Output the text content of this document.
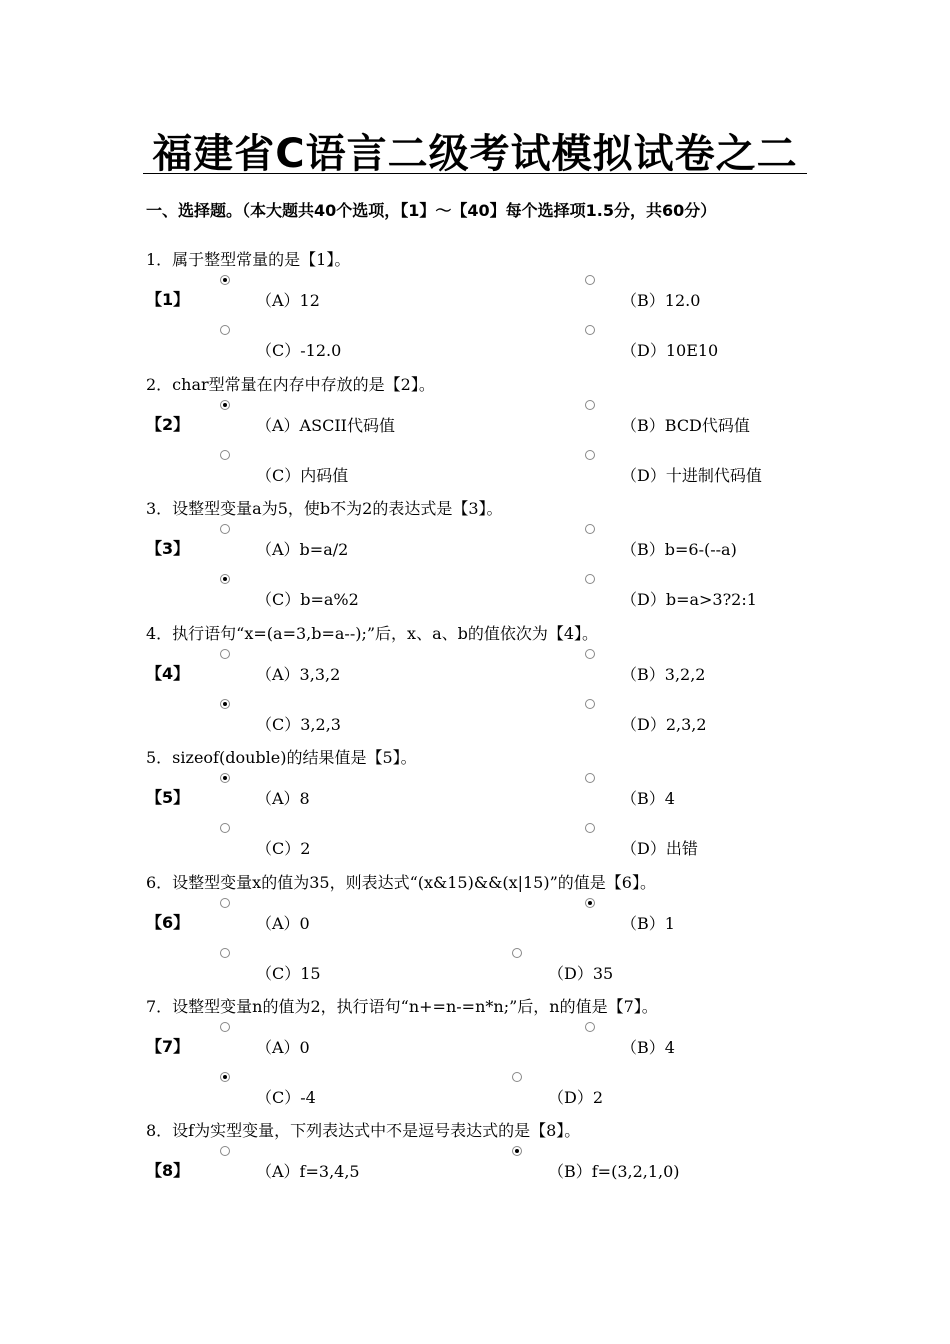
福建省C语言二级考试模拟试卷之二
一、选择题。（本大题共40个选项，【1】～【40】每个选择项1.5分，共60分）
1．属于整型常量的是【1】。
【1】	（A）12	（B）12.0
（C）-12.0	（D）10E10
2．char型常量在内存中存放的是【2】。
【2】	（A）ASCII代码值	（B）BCD代码值
（C）内码值	（D）十进制代码值
3．设整型变量a为5，使b不为2的表达式是【3】。
【3】	（A）b=a/2	（B）b=6-(--a)
（C）b=a%2	（D）b=a>3?2:1
4．执行语句“x=(a=3,b=a--);”后，x、a、b的值依次为【4】。
【4】	（A）3,3,2	（B）3,2,2
（C）3,2,3	（D）2,3,2
5．sizeof(double)的结果值是【5】。
【5】	（A）8	（B）4
（C）2	（D）出错
6．设整型变量x的值为35，则表达式“(x&15)&&(x|15)”的值是【6】。
【6】	（A）0	（B）1
（C）15	（D）35
7．设整型变量n的值为2，执行语句“n+=n-=n*n;”后，n的值是【7】。
【7】	（A）0	（B）4
（C）-4	（D）2
8．设f为实型变量，下列表达式中不是逗号表达式的是【8】。
【8】	（A）f=3,4,5	（B）f=(3,2,1,0)
